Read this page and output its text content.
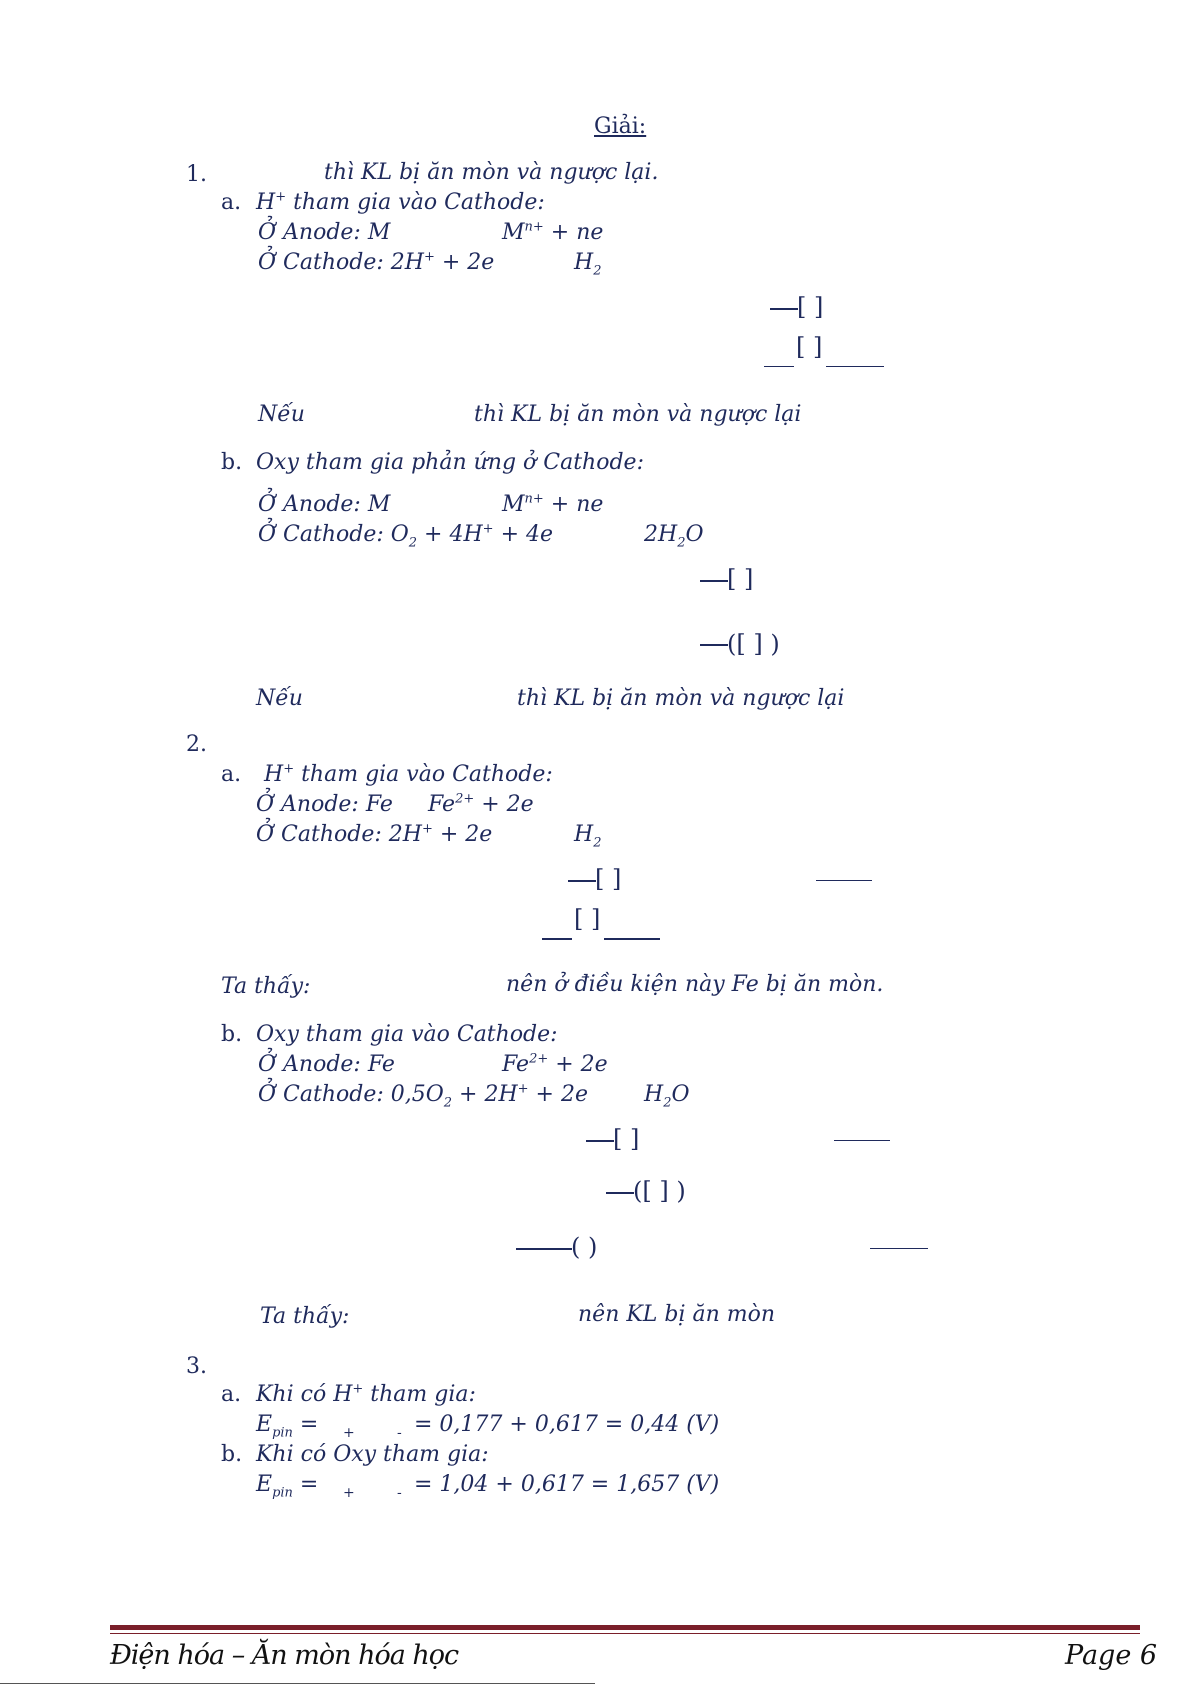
Giải:
1.	thì KL bị ăn mòn và ngược lại.
a. H+ tham gia vào Cathode:
Ở Anode: M	$M^{n+}$ + ne
Ở Cathode: 2H+ + 2e	$H_2$
[ ]
[ ]
Nếu	thì KL bị ăn mòn và ngược lại
b. Oxy tham gia phản ứng ở Cathode:
Ở Anode: M	$M^{n+}$ + ne
Ở Cathode: $O_2 + 4H^+ + 4e$	$2H_2O$
[ ]
([ ] )
Nếu	thì KL bị ăn mòn và ngược lại
2.
a. H+ tham gia vào Cathode:
Ở Anode: Fe $Fe^{2+} + 2e$
Ở Cathode: 2H+ + 2e	$H_2$
[ ]
[ ]
Ta thấy:	nên ở điều kiện này Fe bị ăn mòn.
b. Oxy tham gia vào Cathode:
Ở Anode: Fe	$Fe^{2+} + 2e$
Ở Cathode: $0,5O_2 + 2H^+ + 2e$	$H_2O$
[ ]
([ ] )
( )
Ta thấy:	nên KL bị ăn mòn
3.
a. Khi có H+ tham gia:
$E_{pin}$ = +	- = 0,177 + 0,617 = 0,44 (V)
b. Khi có Oxy tham gia:
$E_{pin}$ = +	- = 1,04 + 0,617 = 1,657 (V)
Điện hóa – Ăn mòn hóa học	Page 6
